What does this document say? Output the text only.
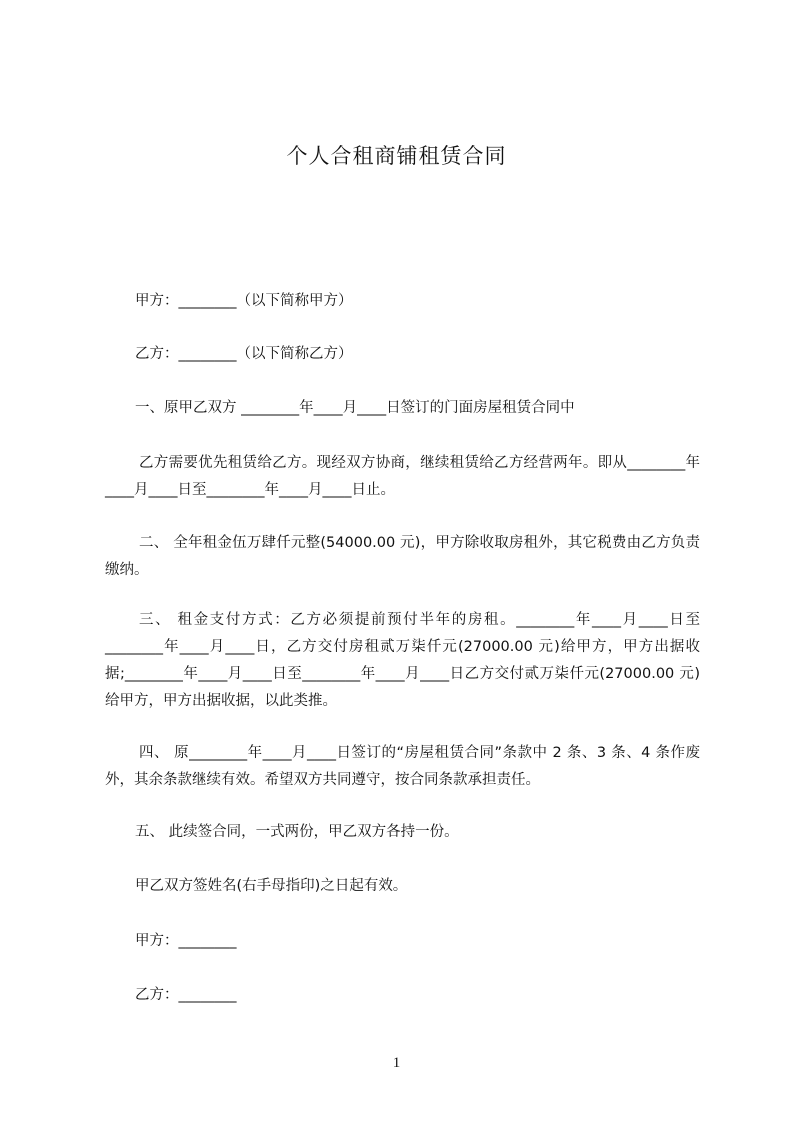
个人合租商铺租赁合同
甲方：________（以下简称甲方）
乙方：________（以下简称乙方）
一、原甲乙双方 ________年____月____日签订的门面房屋租赁合同中
乙方需要优先租赁给乙方。现经双方协商，继续租赁给乙方经营两年。即从________年____月____日至________年____月____日止。
二、 全年租金伍万肆仟元整(54000.00 元)，甲方除收取房租外，其它税费由乙方负责缴纳。
三、 租金支付方式：乙方必须提前预付半年的房租。________年____月____日至________年____月____日，乙方交付房租贰万柒仟元(27000.00 元)给甲方，甲方出据收据;________年____月____日至________年____月____日乙方交付贰万柒仟元(27000.00 元)给甲方，甲方出据收据，以此类推。
四、 原________年____月____日签订的“房屋租赁合同”条款中 2 条、3 条、4 条作废外，其余条款继续有效。希望双方共同遵守，按合同条款承担责任。
五、 此续签合同，一式两份，甲乙双方各持一份。
甲乙双方签姓名(右手母指印)之日起有效。
甲方：________
乙方：________
1
